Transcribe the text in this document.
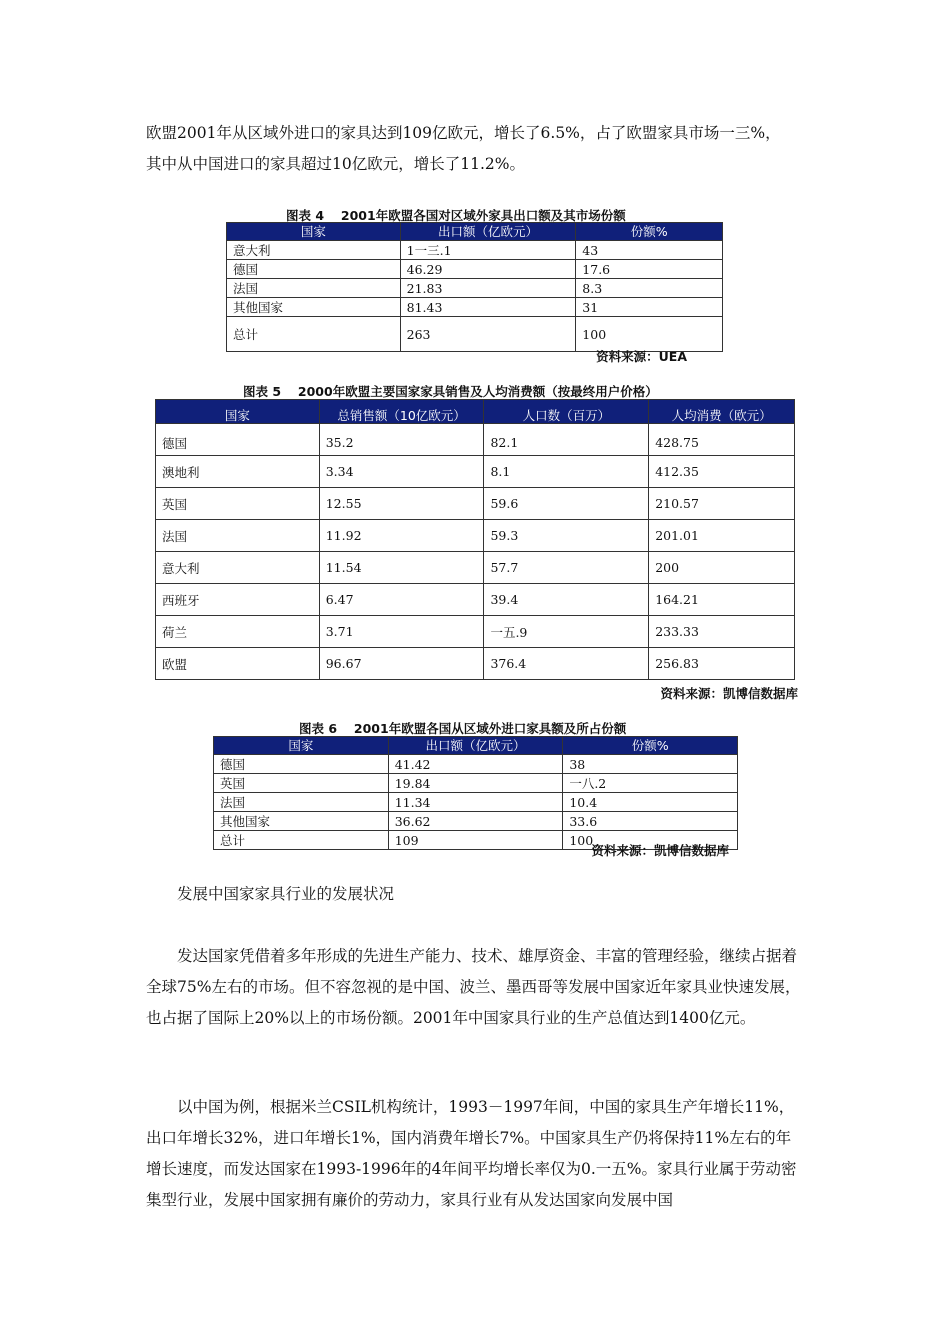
欧盟2001年从区域外进口的家具达到109亿欧元，增长了6.5%，占了欧盟家具市场一三%，
其中从中国进口的家具超过10亿欧元，增长了11.2%。

图表 4　 2001年欧盟各国对区域外家具出口额及其市场份额
国家	出口额（亿欧元）	份额%
意大利	1一三.1	43
德国	46.29	17.6
法国	21.83	8.3
其他国家	81.43	31
总计	263	100
资料来源：UEA
图表 5　 2000年欧盟主要国家家具销售及人均消费额（按最终用户价格）
国家	总销售额（10亿欧元）	人口数（百万）	人均消费（欧元）
德国	35.2	82.1	428.75
澳地利	3.34	8.1	412.35
英国	12.55	59.6	210.57
法国	11.92	59.3	201.01
意大利	11.54	57.7	200
西班牙	6.47	39.4	164.21
荷兰	3.71	一五.9	233.33
欧盟	96.67	376.4	256.83
资料来源：凯博信数据库
图表 6　 2001年欧盟各国从区域外进口家具额及所占份额
国家	出口额（亿欧元）	份额%
德国	41.42	38
英国	19.84	一八.2
法国	11.34	10.4
其他国家	36.62	33.6
总计	109	100
资料来源：凯博信数据库

发展中国家家具行业的发展状况

发达国家凭借着多年形成的先进生产能力、技术、雄厚资金、丰富的管理经验，继续占据着全球75%左右的市场。但不容忽视的是中国、波兰、墨西哥等发展中国家近年家具业快速发展，也占据了国际上20%以上的市场份额。2001年中国家具行业的生产总值达到1400亿元。

以中国为例，根据米兰CSIL机构统计，1993－1997年间，中国的家具生产年增长11%，出口年增长32%，进口年增长1%，国内消费年增长7%。中国家具生产仍将保持11%左右的年增长速度，而发达国家在1993-1996年的4年间平均增长率仅为0.一五%。家具行业属于劳动密集型行业，发展中国家拥有廉价的劳动力，家具行业有从发达国家向发展中国
